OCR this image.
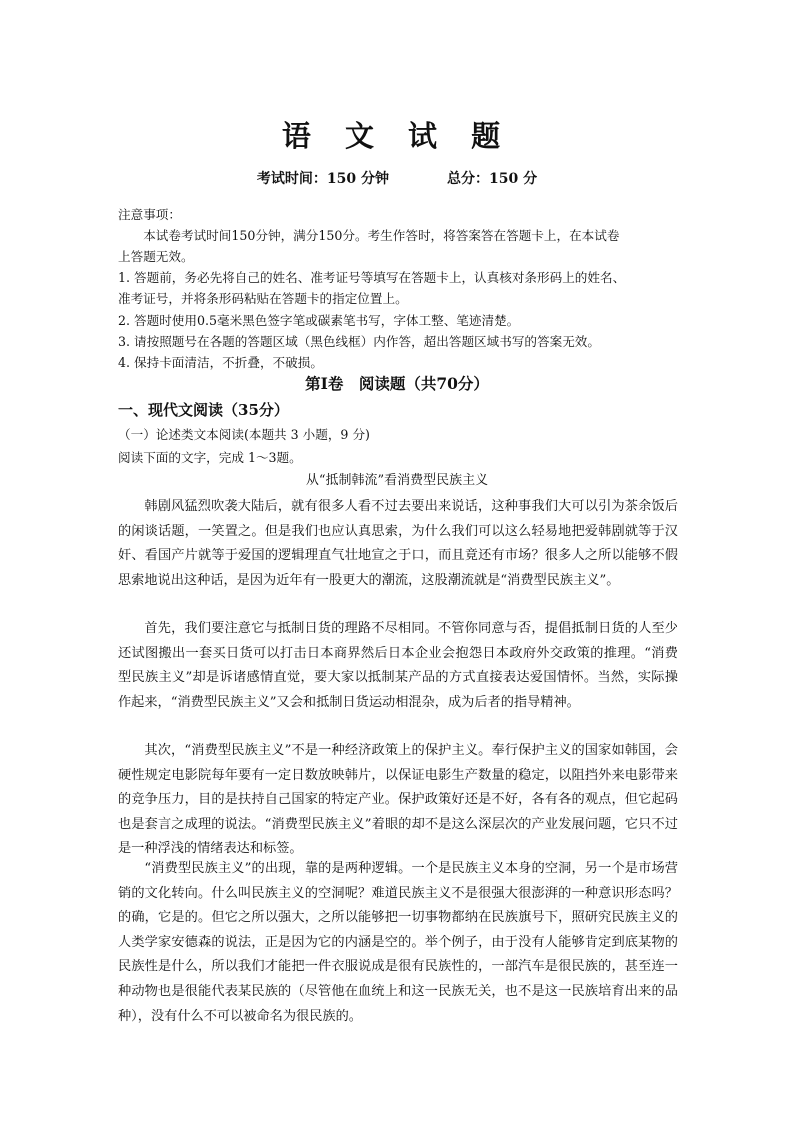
语 文 试 题
考试时间：150 分钟	总分：150 分
注意事项：
　　本试卷考试时间150分钟，满分150分。考生作答时，将答案答在答题卡上，在本试卷
上答题无效。
1. 答题前，务必先将自己的姓名、准考证号等填写在答题卡上，认真核对条形码上的姓名、
准考证号，并将条形码粘贴在答题卡的指定位置上。
2. 答题时使用0.5毫米黑色签字笔或碳素笔书写，字体工整、笔迹清楚。
3. 请按照题号在各题的答题区域（黑色线框）内作答，超出答题区域书写的答案无效。
4. 保持卡面清洁，不折叠，不破损。
第Ⅰ卷　阅读题（共70分）
一、现代文阅读（35分）
（一）论述类文本阅读(本题共 3 小题，9 分)
阅读下面的文字，完成 1～3题。
从“抵制韩流”看消费型民族主义

韩剧风猛烈吹袭大陆后，就有很多人看不过去要出来说话，这种事我们大可以引为茶余饭后的闲谈话题，一笑置之。但是我们也应认真思索，为什么我们可以这么轻易地把爱韩剧就等于汉奸、看国产片就等于爱国的逻辑理直气壮地宣之于口，而且竟还有市场？很多人之所以能够不假思索地说出这种话，是因为近年有一股更大的潮流，这股潮流就是“消费型民族主义”。

首先，我们要注意它与抵制日货的理路不尽相同。不管你同意与否，提倡抵制日货的人至少还试图搬出一套买日货可以打击日本商界然后日本企业会抱怨日本政府外交政策的推理。“消费型民族主义”却是诉诸感情直觉，要大家以抵制某产品的方式直接表达爱国情怀。当然，实际操作起来，“消费型民族主义”又会和抵制日货运动相混杂，成为后者的指导精神。

其次，“消费型民族主义”不是一种经济政策上的保护主义。奉行保护主义的国家如韩国，会硬性规定电影院每年要有一定日数放映韩片，以保证电影生产数量的稳定，以阻挡外来电影带来的竞争压力，目的是扶持自己国家的特定产业。保护政策好还是不好，各有各的观点，但它起码也是套言之成理的说法。“消费型民族主义”着眼的却不是这么深层次的产业发展问题，它只不过是一种浮浅的情绪表达和标签。

“消费型民族主义”的出现，靠的是两种逻辑。一个是民族主义本身的空洞，另一个是市场营销的文化转向。什么叫民族主义的空洞呢？难道民族主义不是很强大很澎湃的一种意识形态吗？的确，它是的。但它之所以强大，之所以能够把一切事物都纳在民族旗号下，照研究民族主义的人类学家安德森的说法，正是因为它的内涵是空的。举个例子，由于没有人能够肯定到底某物的民族性是什么，所以我们才能把一件衣服说成是很有民族性的，一部汽车是很民族的，甚至连一种动物也是很能代表某民族的（尽管他在血统上和这一民族无关，也不是这一民族培育出来的品种），没有什么不可以被命名为很民族的。
